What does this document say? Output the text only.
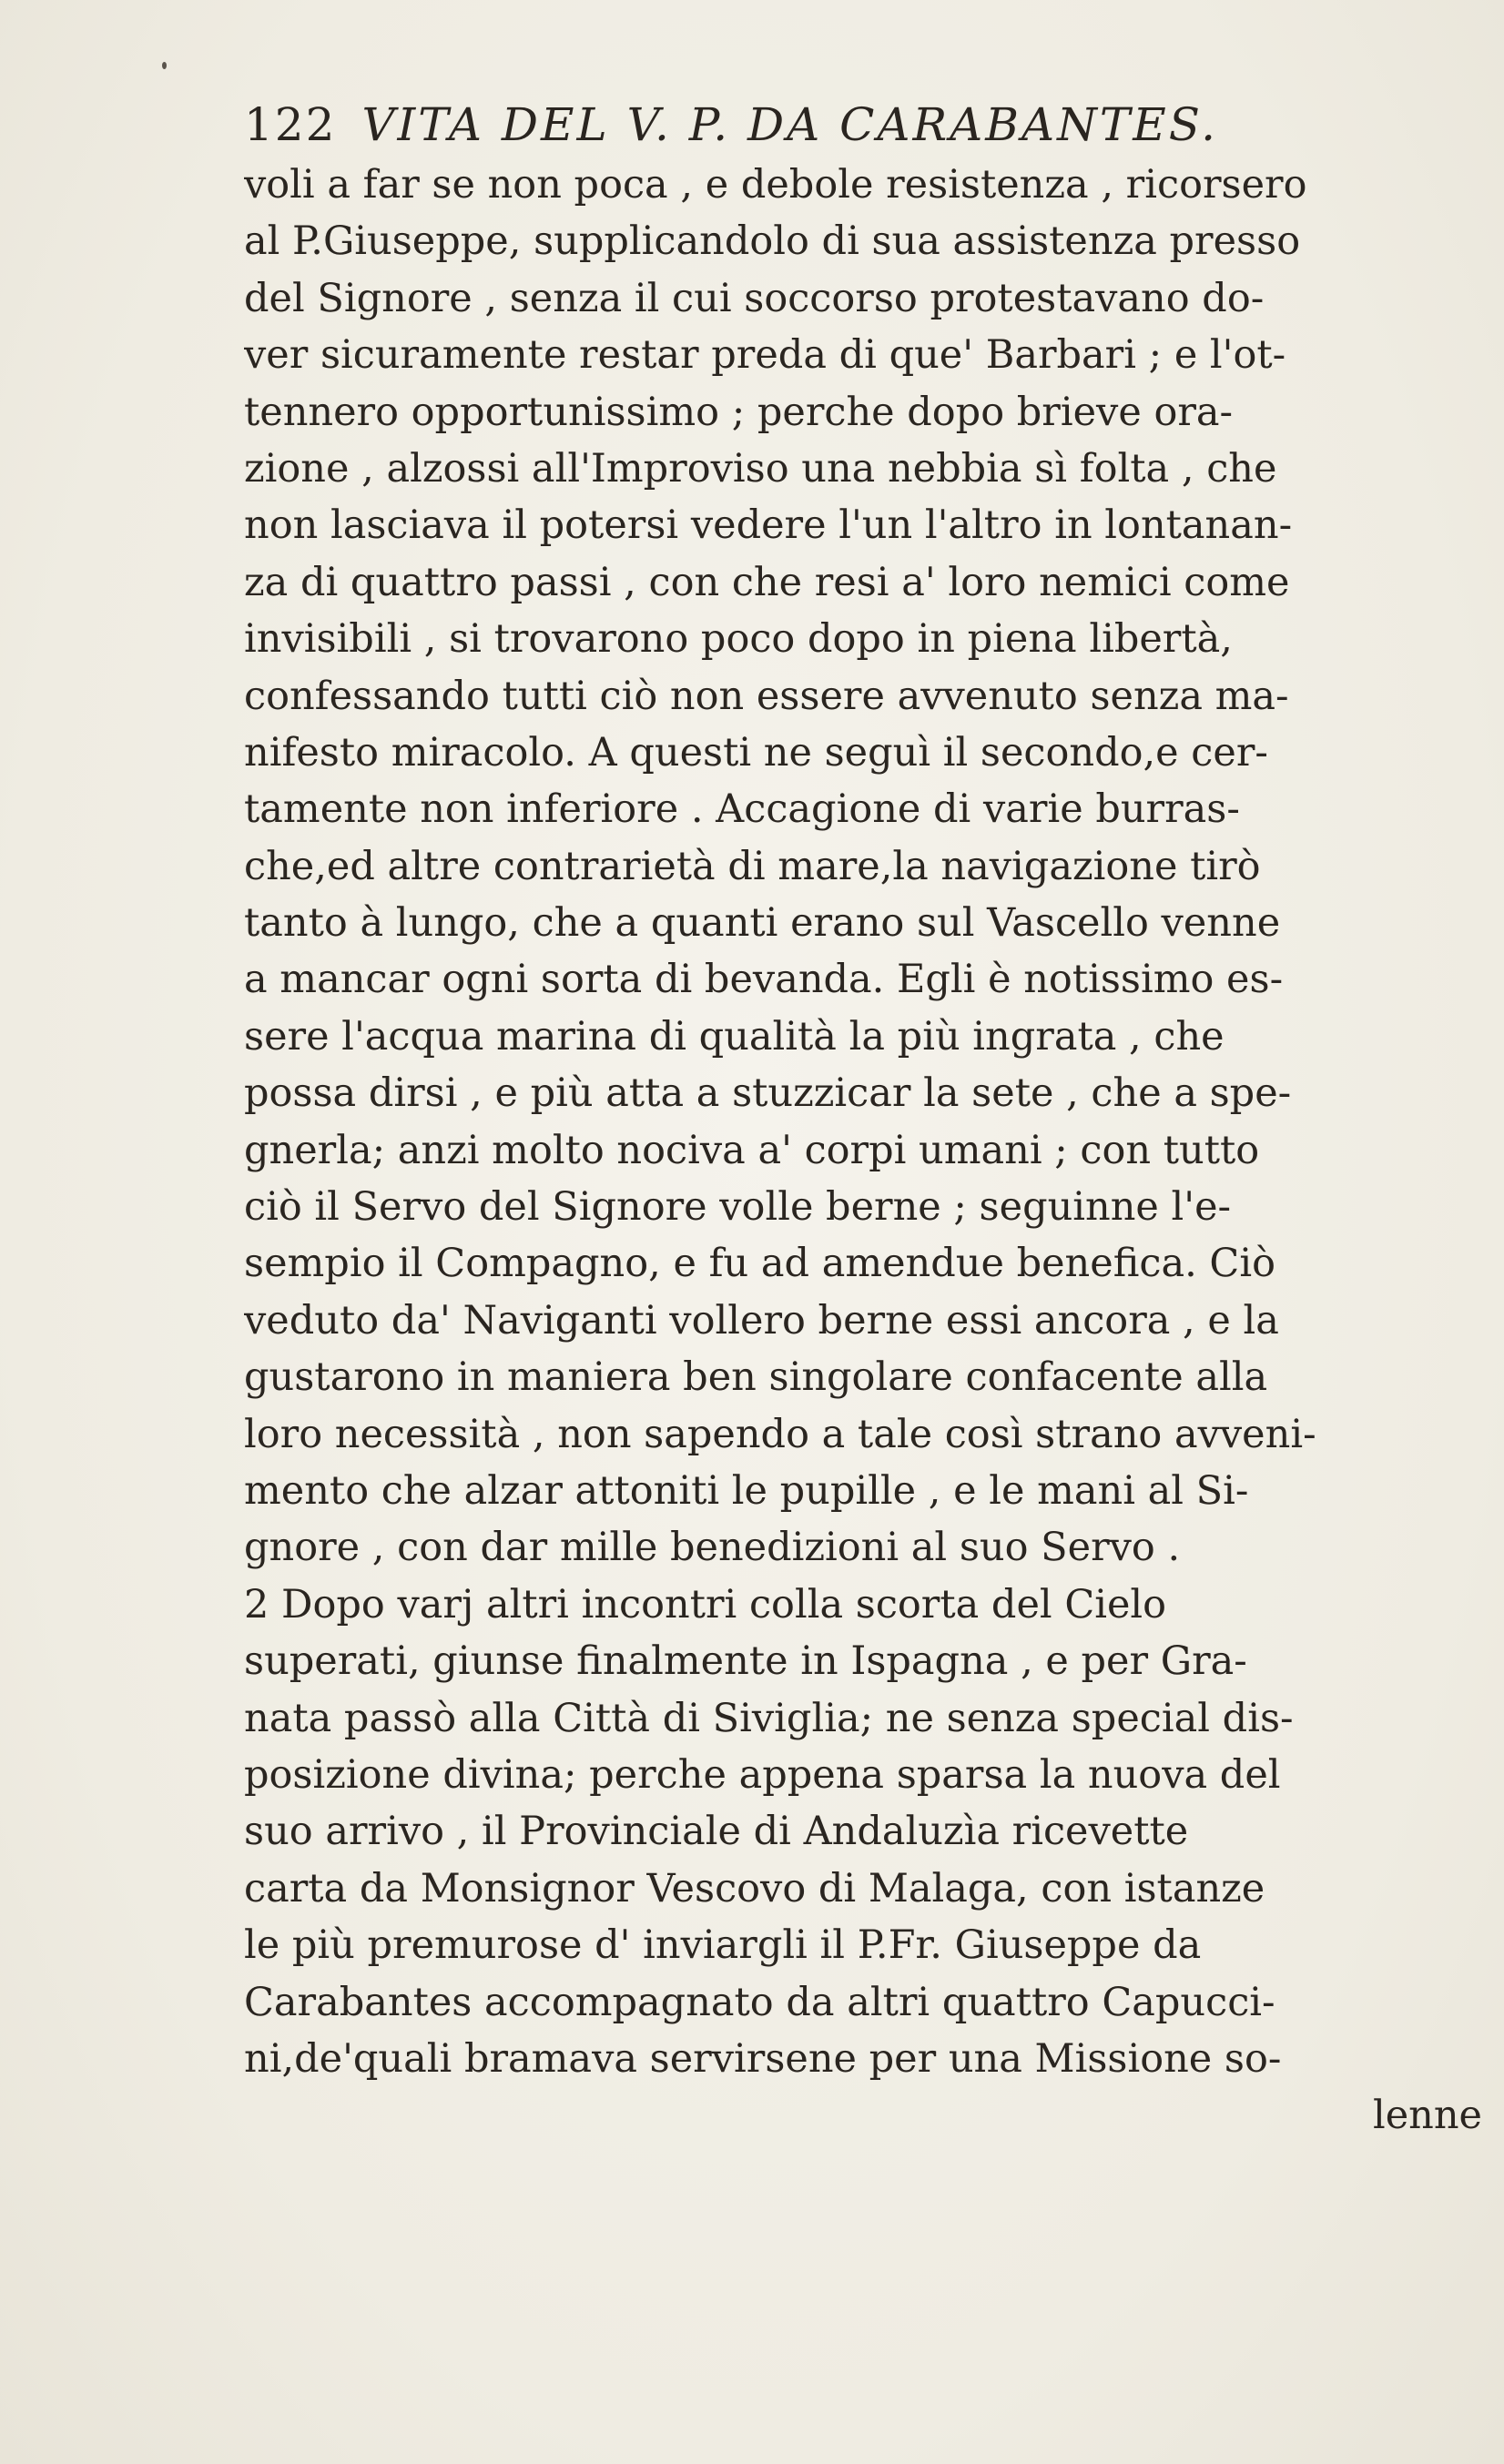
122 VITA DEL V. P. DA CARABANTES.
voli a far se non poca , e debole resistenza , ricorsero
al P.Giuseppe, supplicandolo di sua assistenza presso
del Signore , senza il cui soccorso protestavano do-
ver sicuramente restar preda di que' Barbari ; e l'ot-
tennero opportunissimo ; perche dopo brieve ora-
zione , alzossi all'Improviso una nebbia sì folta , che
non lasciava il potersi vedere l'un l'altro in lontanan-
za di quattro passi , con che resi a' loro nemici come
invisibili , si trovarono poco dopo in piena libertà,
confessando tutti ciò non essere avvenuto senza ma-
nifesto miracolo. A questi ne seguì il secondo,e cer-
tamente non inferiore . Accagione di varie burras-
che,ed altre contrarietà di mare,la navigazione tirò
tanto à lungo, che a quanti erano sul Vascello venne
a mancar ogni sorta di bevanda. Egli è notissimo es-
sere l'acqua marina di qualità la più ingrata , che
possa dirsi , e più atta a stuzzicar la sete , che a spe-
gnerla; anzi molto nociva a' corpi umani ; con tutto
ciò il Servo del Signore volle berne ; seguinne l'e-
sempio il Compagno, e fu ad amendue benefica. Ciò
veduto da' Naviganti vollero berne essi ancora , e la
gustarono in maniera ben singolare confacente alla
loro necessità , non sapendo a tale così strano avveni-
mento che alzar attoniti le pupille , e le mani al Si-
gnore , con dar mille benedizioni al suo Servo .
2 Dopo varj altri incontri colla scorta del Cielo
superati, giunse finalmente in Ispagna , e per Gra-
nata passò alla Città di Siviglia; ne senza special dis-
posizione divina; perche appena sparsa la nuova del
suo arrivo , il Provinciale di Andaluzìa ricevette
carta da Monsignor Vescovo di Malaga, con istanze
le più premurose d' inviargli il P.Fr. Giuseppe da
Carabantes accompagnato da altri quattro Capucci-
ni,de'quali bramava servirsene per una Missione so-
lenne
